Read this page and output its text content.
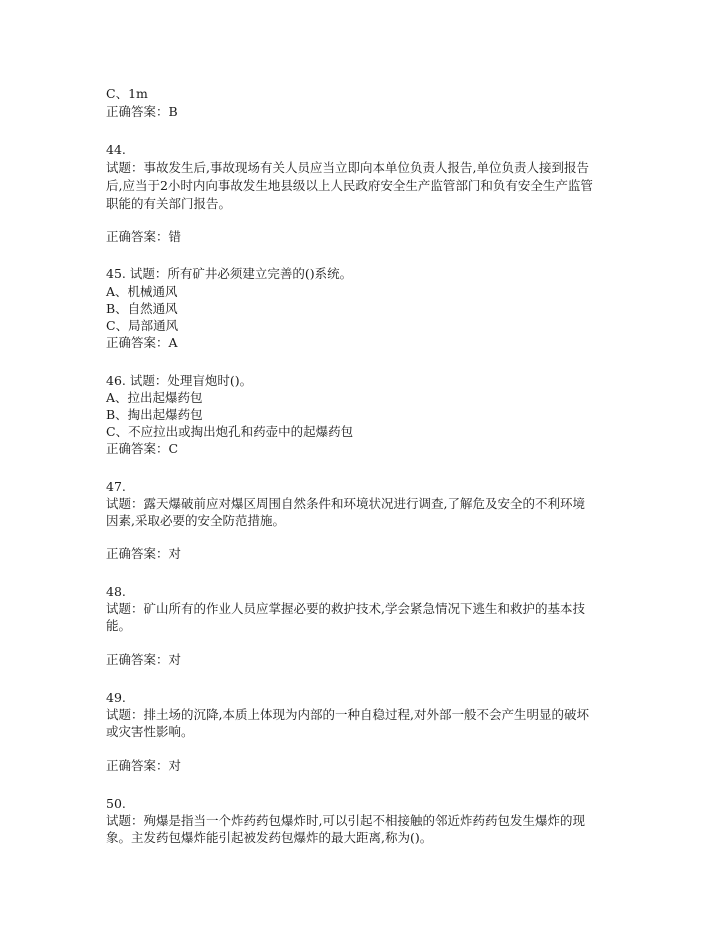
C、1m
正确答案：B
44.
试题：事故发生后,事故现场有关人员应当立即向本单位负责人报告,单位负责人接到报告
后,应当于2小时内向事故发生地县级以上人民政府安全生产监管部门和负有安全生产监管
职能的有关部门报告。
正确答案：错
45. 试题：所有矿井必须建立完善的()系统。
A、机械通风
B、自然通风
C、局部通风
正确答案：A
46. 试题：处理盲炮时()。
A、拉出起爆药包
B、掏出起爆药包
C、不应拉出或掏出炮孔和药壶中的起爆药包
正确答案：C
47.
试题：露天爆破前应对爆区周围自然条件和环境状况进行调查,了解危及安全的不利环境
因素,采取必要的安全防范措施。
正确答案：对
48.
试题：矿山所有的作业人员应掌握必要的救护技术,学会紧急情况下逃生和救护的基本技
能。
正确答案：对
49.
试题：排土场的沉降,本质上体现为内部的一种自稳过程,对外部一般不会产生明显的破坏
或灾害性影响。
正确答案：对
50.
试题：殉爆是指当一个炸药药包爆炸时,可以引起不相接触的邻近炸药药包发生爆炸的现
象。主发药包爆炸能引起被发药包爆炸的最大距离,称为()。
